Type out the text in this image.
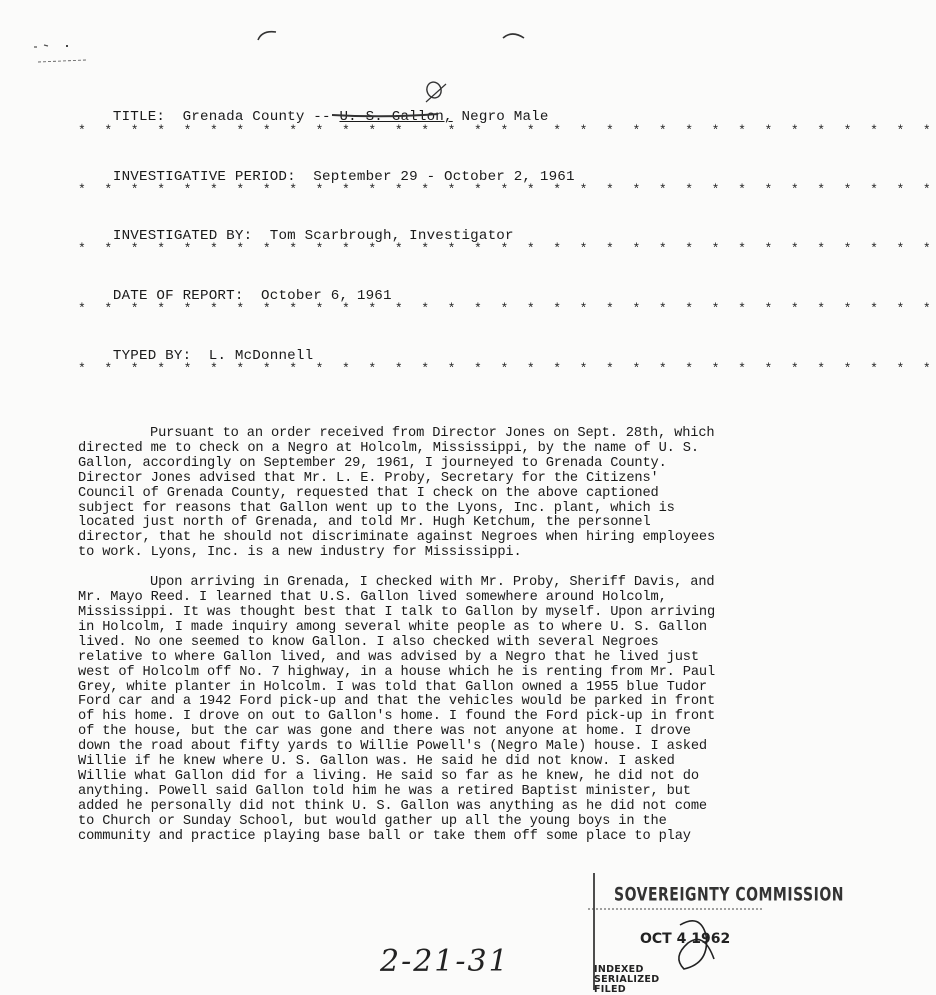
TITLE: Grenada County -- U. S. Gallon, Negro Male

* * * * * * * * * * * * * * * * * * * * * * * * * * * * * * * * *

INVESTIGATIVE PERIOD: September 29 - October 2, 1961

* * * * * * * * * * * * * * * * * * * * * * * * * * * * * * * * *

INVESTIGATED BY: Tom Scarbrough, Investigator

* * * * * * * * * * * * * * * * * * * * * * * * * * * * * * * * *

DATE OF REPORT: October 6, 1961

* * * * * * * * * * * * * * * * * * * * * * * * * * * * * * * * *

TYPED BY: L. McDonnell

* * * * * * * * * * * * * * * * * * * * * * * * * * * * * * * * *

Pursuant to an order received from Director Jones on Sept. 28th, which directed me to check on a Negro at Holcolm, Mississippi, by the name of U. S. Gallon, accordingly on September 29, 1961, I journeyed to Grenada County. Director Jones advised that Mr. L. E. Proby, Secretary for the Citizens' Council of Grenada County, requested that I check on the above captioned subject for reasons that Gallon went up to the Lyons, Inc. plant, which is located just north of Grenada, and told Mr. Hugh Ketchum, the personnel director, that he should not discriminate against Negroes when hiring employees to work. Lyons, Inc. is a new industry for Mississippi.

Upon arriving in Grenada, I checked with Mr. Proby, Sheriff Davis, and Mr. Mayo Reed. I learned that U.S. Gallon lived somewhere around Holcolm, Mississippi. It was thought best that I talk to Gallon by myself. Upon arriving in Holcolm, I made inquiry among several white people as to where U. S. Gallon lived. No one seemed to know Gallon. I also checked with several Negroes relative to where Gallon lived, and was advised by a Negro that he lived just west of Holcolm off No. 7 highway, in a house which he is renting from Mr. Paul Grey, white planter in Holcolm. I was told that Gallon owned a 1955 blue Tudor Ford car and a 1942 Ford pick-up and that the vehicles would be parked in front of his home. I drove on out to Gallon's home. I found the Ford pick-up in front of the house, but the car was gone and there was not anyone at home. I drove down the road about fifty yards to Willie Powell's (Negro Male) house. I asked Willie if he knew where U. S. Gallon was. He said he did not know. I asked Willie what Gallon did for a living. He said so far as he knew, he did not do anything. Powell said Gallon told him he was a retired Baptist minister, but added he personally did not think U. S. Gallon was anything as he did not come to Church or Sunday School, but would gather up all the young boys in the community and practice playing base ball or take them off some place to play

2-21-31
SOVEREIGNTY COMMISSION
OCT 4 1962
INDEXED
SERIALIZED
FILED
